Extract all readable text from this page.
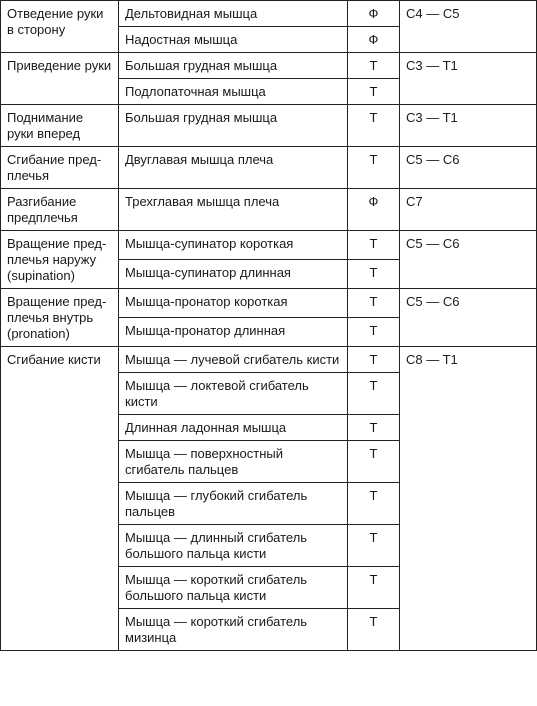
Отведение руки в сторону	Дельтовидная мышца	Ф	C4 — C5
	Надостная мышца	Ф	
Приведение руки	Большая грудная мышца	Т	C3 — T1
	Подлопаточная мышца	Т	
Поднимание руки вперед	Большая грудная мышца	Т	C3 — T1
Сгибание пред-плечья	Двуглавая мышца плеча	Т	C5 — C6
Разгибание предплечья	Трехглавая мышца плеча	Ф	C7
Вращение пред-плечья наружу (supination)	Мышца-супинатор короткая	Т	C5 — C6
	Мышца-супинатор длинная	Т	
Вращение пред-плечья внутрь (pronation)	Мышца-пронатор короткая	Т	C5 — C6
	Мышца-пронатор длинная	Т	
Сгибание кисти	Мышца — лучевой сгибатель кисти	Т	C8 — T1
	Мышца — локтевой сгибатель кисти	Т	
	Длинная ладонная мышца	Т	
	Мышца — поверхностный сгибатель пальцев	Т	
	Мышца — глубокий сгибатель пальцев	Т	
	Мышца — длинный сгибатель большого пальца кисти	Т	
	Мышца — короткий сгибатель большого пальца кисти	Т	
	Мышца — короткий сгибатель мизинца	Т	
